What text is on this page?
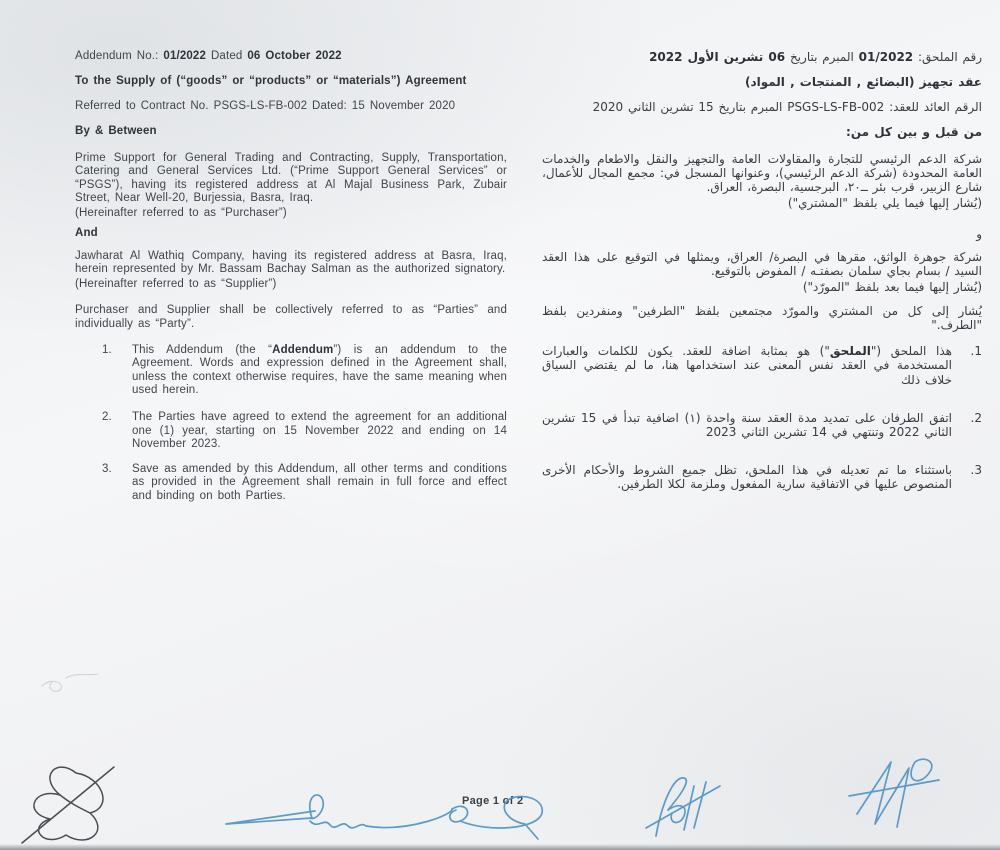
Addendum No.: 01/2022 Dated 06 October 2022	رقم الملحق: 01/2022 المبرم بتاريخ 06 تشرين الأول 2022

To the Supply of (“goods” or “products” or “materials”) Agreement	عقد تجهيز (البضائع , المنتجات , المواد)

Referred to Contract No. PSGS-LS-FB-002 Dated: 15 November 2020	الرقم العائد للعقد: PSGS-LS-FB-002 المبرم بتاريخ 15 تشرين الثاني 2020

By & Between	من قبل و بين كل من:

Prime Support for General Trading and Contracting, Supply, Transportation, Catering and General Services Ltd. (“Prime Support General Services” or “PSGS”), having its registered address at Al Majal Business Park, Zubair Street, Near Well-20, Burjessia, Basra, Iraq.

(Hereinafter referred to as “Purchaser”)

شركة الدعم الرئيسي للتجارة والمقاولات العامة والتجهيز والنقل والاطعام والخدمات العامة المحدودة (شركة الدعم الرئيسي)، وعنوانها المسجل في: مجمع المجال للأعمال، شارع الزبير، قرب بئر ــ٢٠، البرجسية، البصرة، العراق.

(يُشار إليها فيما يلي بلفظ "المشتري")

And	و

Jawharat Al Wathiq Company, having its registered address at Basra, Iraq, herein represented by Mr. Bassam Bachay Salman as the authorized signatory.

(Hereinafter referred to as “Supplier”)

شركة جوهرة الواثق، مقرها في البصرة/ العراق، ويمثلها في التوقيع على هذا العقد السيد / بسام بجاي سلمان بصفتـه / المفوض بالتوقيع.

(يُشار إليها فيما بعد بلفظ "المورّد")

Purchaser and Supplier shall be collectively referred to as “Parties” and individually as “Party”.

يُشار إلى كل من المشتري والمورّد مجتمعين بلفظ "الطرفين" ومنفردين بلفظ "الطرف."

1.	This Addendum (the “Addendum”) is an addendum to the Agreement. Words and expression defined in the Agreement shall, unless the context otherwise requires, have the same meaning when used herein.
1.
هذا الملحق ("الملحق") هو بمثابة اضافة للعقد. يكون للكلمات والعبارات المستخدمة في العقد نفس المعنى عند استخدامها هنا، ما لم يقتضي السياق خلاف ذلك
2.	The Parties have agreed to extend the agreement for an additional one (1) year, starting on 15 November 2022 and ending on 14 November 2023.
2.
اتفق الطرفان على تمديد مدة العقد سنة واحدة (١) اضافية تبدأ في 15 تشرين الثاني 2022 وتنتهي في 14 تشرين الثاني 2023
3.	Save as amended by this Addendum, all other terms and conditions as provided in the Agreement shall remain in full force and effect and binding on both Parties.
3.
باستثناء ما تم تعديله في هذا الملحق، تظل جميع الشروط والأحكام الأخرى المنصوص عليها في الاتفاقية سارية المفعول وملزمة لكلا الطرفين.
Page 1 of 2
